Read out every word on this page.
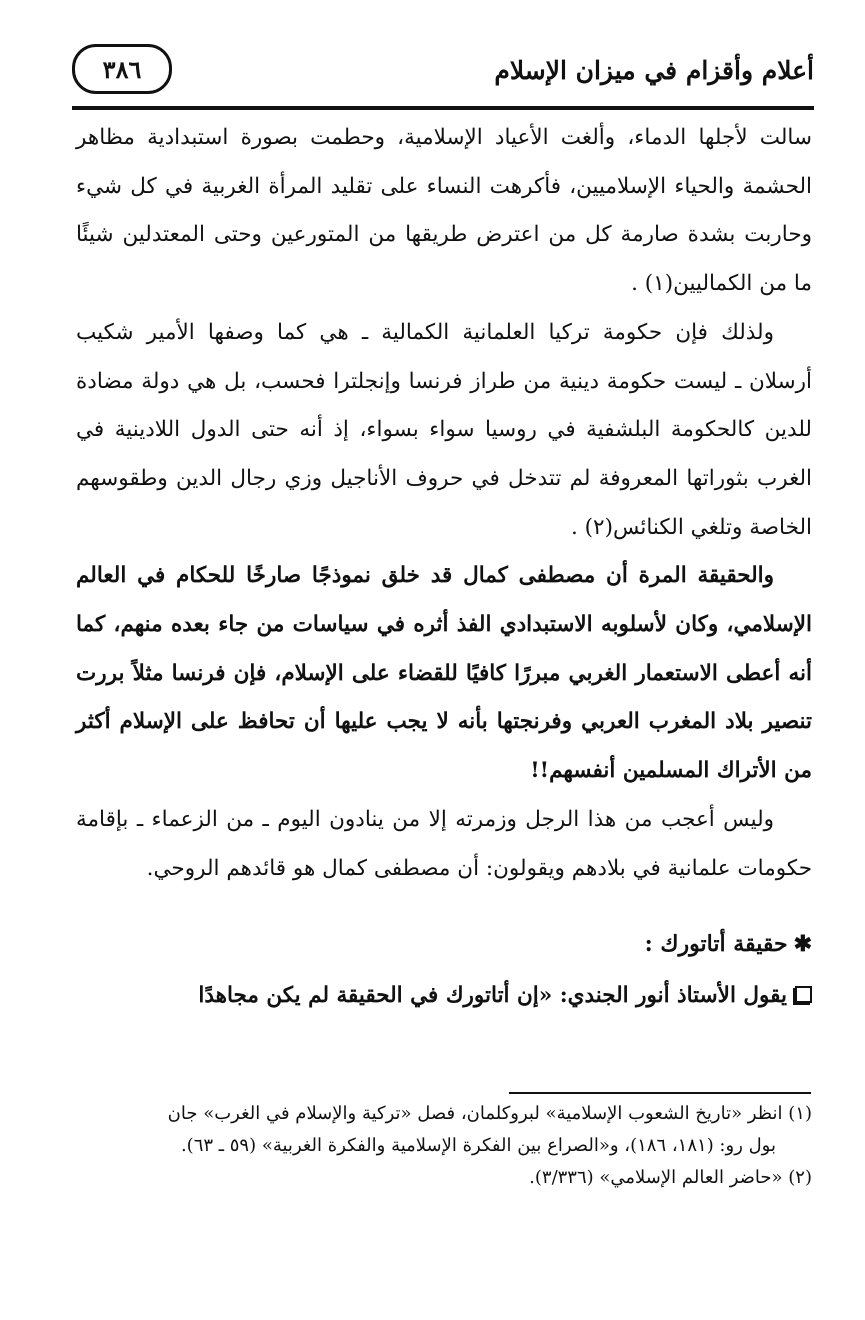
أعلام وأقزام في ميزان الإسلام
٣٨٦

سالت لأجلها الدماء، وألغت الأعياد الإسلامية، وحطمت بصورة استبدادية مظاهر الحشمة والحياء الإسلاميين، فأكرهت النساء على تقليد المرأة الغربية في كل شيء وحاربت بشدة صارمة كل من اعترض طريقها من المتورعين وحتى المعتدلين شيئًا ما من الكماليين(١) .

ولذلك فإن حكومة تركيا العلمانية الكمالية ـ هي كما وصفها الأمير شكيب أرسلان ـ ليست حكومة دينية من طراز فرنسا وإنجلترا فحسب، بل هي دولة مضادة للدين كالحكومة البلشفية في روسيا سواء بسواء، إذ أنه حتى الدول اللادينية في الغرب بثوراتها المعروفة لم تتدخل في حروف الأناجيل وزي رجال الدين وطقوسهم الخاصة وتلغي الكنائس(٢) .

والحقيقة المرة أن مصطفى كمال قد خلق نموذجًا صارخًا للحكام في العالم الإسلامي، وكان لأسلوبه الاستبدادي الفذ أثره في سياسات من جاء بعده منهم، كما أنه أعطى الاستعمار الغربي مبررًا كافيًا للقضاء على الإسلام، فإن فرنسا مثلاً بررت تنصير بلاد المغرب العربي وفرنجتها بأنه لا يجب عليها أن تحافظ على الإسلام أكثر من الأتراك المسلمين أنفسهم!!

وليس أعجب من هذا الرجل وزمرته إلا من ينادون اليوم ـ من الزعماء ـ بإقامة حكومات علمانية في بلادهم ويقولون: أن مصطفى كمال هو قائدهم الروحي.

✱حقيقة أتاتورك :
يقول الأستاذ أنور الجندي: «إن أتاتورك في الحقيقة لم يكن مجاهدًا

(١) انظر «تاريخ الشعوب الإسلامية» لبروكلمان، فصل «تركية والإسلام في الغرب» جان

بول رو: (١٨١، ١٨٦)، و«الصراع بين الفكرة الإسلامية والفكرة الغربية» (٥٩ ـ ٦٣).

(٢) «حاضر العالم الإسلامي» (٣/٣٣٦).
